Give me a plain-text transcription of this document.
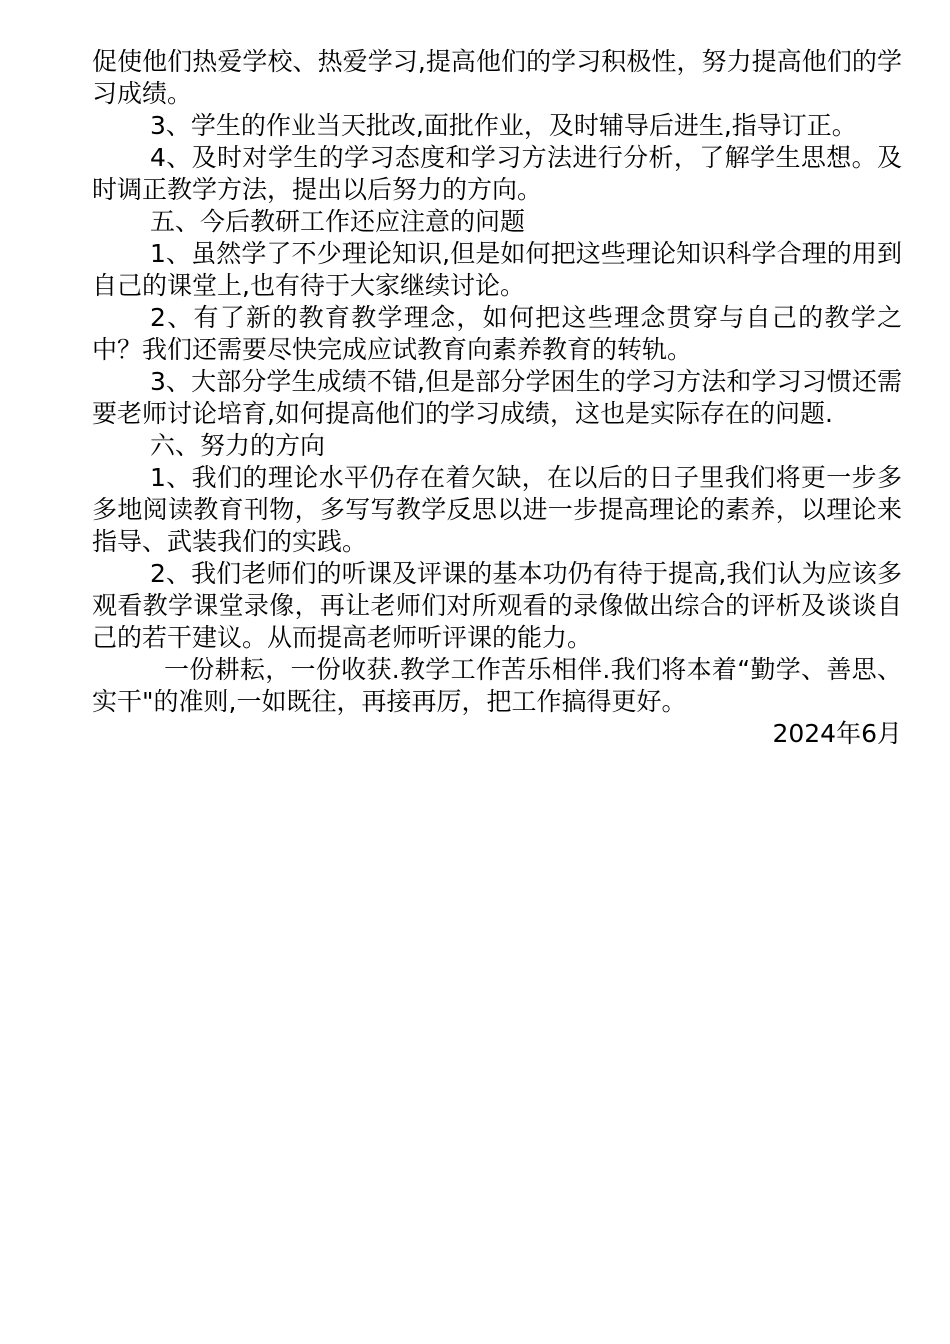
促使他们热爱学校、热爱学习,提高他们的学习积极性，努力提高他们的学习成绩。

3、学生的作业当天批改,面批作业，及时辅导后进生,指导订正。

4、及时对学生的学习态度和学习方法进行分析，了解学生思想。及时调正教学方法，提出以后努力的方向。

五、今后教研工作还应注意的问题

1、虽然学了不少理论知识,但是如何把这些理论知识科学合理的用到自己的课堂上,也有待于大家继续讨论。

2、有了新的教育教学理念，如何把这些理念贯穿与自己的教学之中？我们还需要尽快完成应试教育向素养教育的转轨。

3、大部分学生成绩不错,但是部分学困生的学习方法和学习习惯还需要老师讨论培育,如何提高他们的学习成绩，这也是实际存在的问题.

六、努力的方向

1、我们的理论水平仍存在着欠缺，在以后的日子里我们将更一步多多地阅读教育刊物，多写写教学反思以进一步提高理论的素养，以理论来指导、武装我们的实践。

2、我们老师们的听课及评课的基本功仍有待于提高,我们认为应该多观看教学课堂录像，再让老师们对所观看的录像做出综合的评析及谈谈自己的若干建议。从而提高老师听评课的能力。

一份耕耘，一份收获.教学工作苦乐相伴.我们将本着“勤学、善思、实干"的准则,一如既往，再接再厉，把工作搞得更好。

2024年6月
